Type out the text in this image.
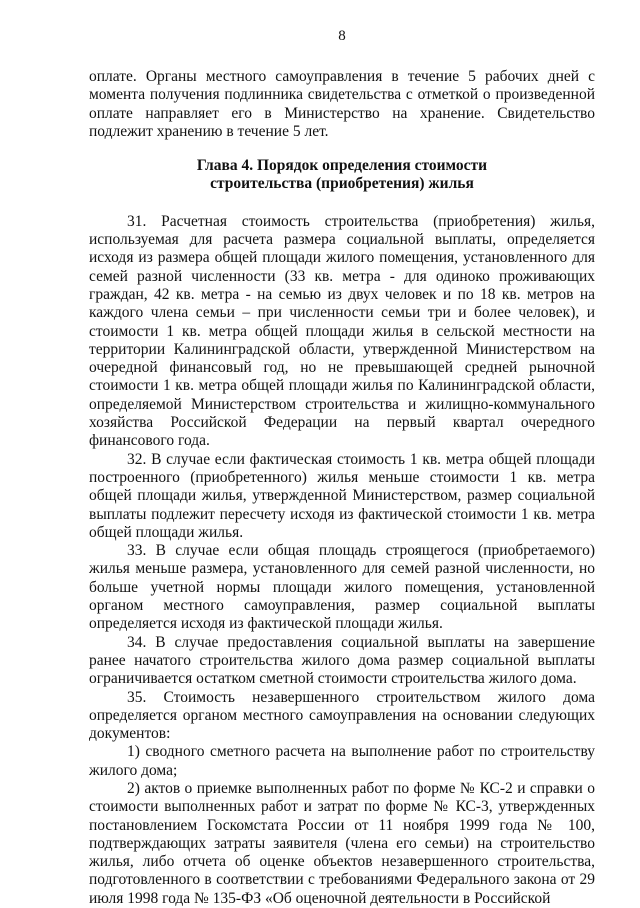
8

оплате. Органы местного самоуправления в течение 5 рабочих дней с момента получения подлинника свидетельства с отметкой о произведенной оплате направляет его в Министерство на хранение. Свидетельство подлежит хранению в течение 5 лет.

Глава 4. Порядок определения стоимости
строительства (приобретения) жилья

31. Расчетная стоимость строительства (приобретения) жилья, используемая для расчета размера социальной выплаты, определяется исходя из размера общей площади жилого помещения, установленного для семей разной численности (33 кв. метра - для одиноко проживающих граждан, 42 кв. метра - на семью из двух человек и по 18 кв. метров на каждого члена семьи – при численности семьи три и более человек), и стоимости 1 кв. метра общей площади жилья в сельской местности на территории Калининградской области, утвержденной Министерством на очередной финансовый год, но не превышающей средней рыночной стоимости 1 кв. метра общей площади жилья по Калининградской области, определяемой Министерством строительства и жилищно-коммунального хозяйства Российской Федерации на первый квартал очередного финансового года.

32. В случае если фактическая стоимость 1 кв. метра общей площади построенного (приобретенного) жилья меньше стоимости 1 кв. метра общей площади жилья, утвержденной Министерством, размер социальной выплаты подлежит пересчету исходя из фактической стоимости 1 кв. метра общей площади жилья.

33. В случае если общая площадь строящегося (приобретаемого) жилья меньше размера, установленного для семей разной численности, но больше учетной нормы площади жилого помещения, установленной органом местного самоуправления, размер социальной выплаты определяется исходя из фактической площади жилья.

34. В случае предоставления социальной выплаты на завершение ранее начатого строительства жилого дома размер социальной выплаты ограничивается остатком сметной стоимости строительства жилого дома.

35. Стоимость незавершенного строительством жилого дома определяется органом местного самоуправления на основании следующих документов:

1) сводного сметного расчета на выполнение работ по строительству жилого дома;

2) актов о приемке выполненных работ по форме № КС-2 и справки о стоимости выполненных работ и затрат по форме № КС-3, утвержденных постановлением Госкомстата России от 11 ноября 1999 года № 100, подтверждающих затраты заявителя (члена его семьи) на строительство жилья, либо отчета об оценке объектов незавершенного строительства, подготовленного в соответствии с требованиями Федерального закона от 29 июля 1998 года № 135-ФЗ «Об оценочной деятельности в Российской
